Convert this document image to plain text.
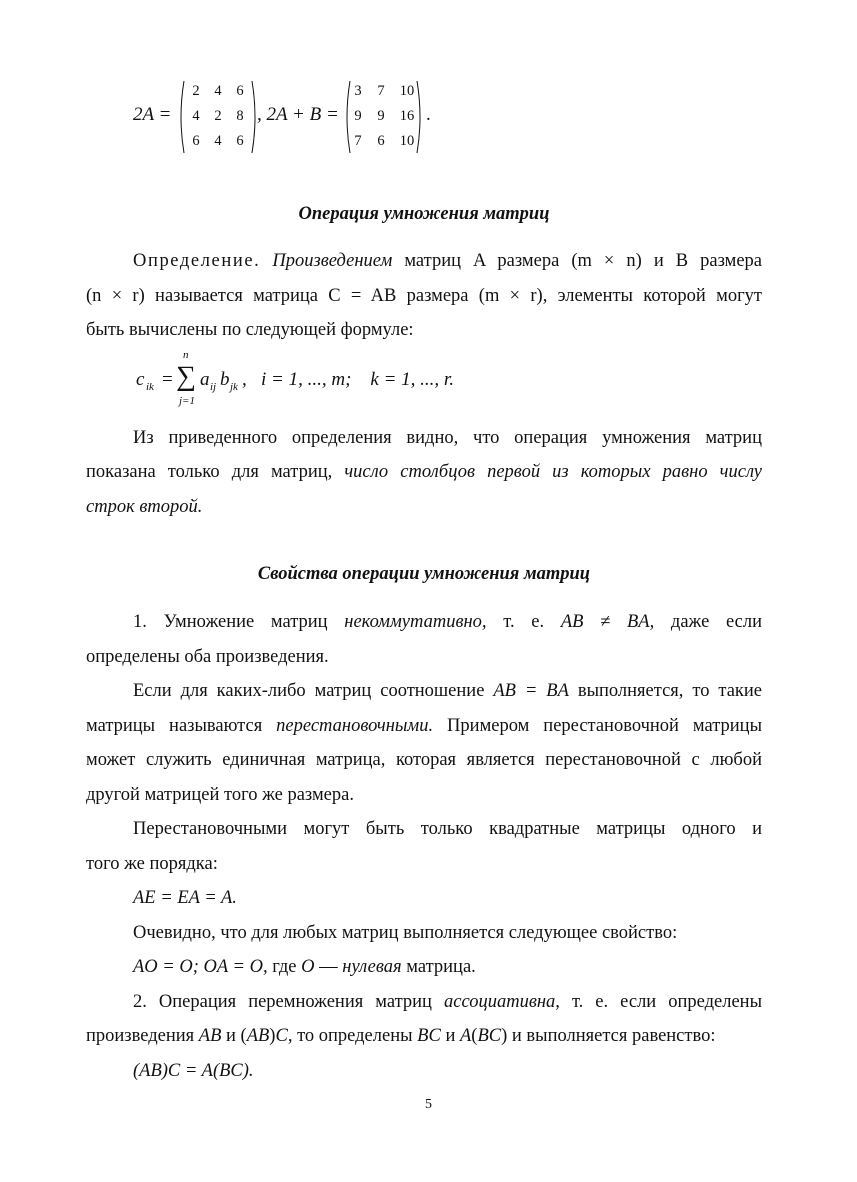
2A =
2	4	6
4	2	8
6	4	6
, 2A + B =
3	7	10
9	9	16
7	6	10
.
Операция умножения матриц
Определение. Произведением матриц A размера (m × n) и B размера
(n × r) называется матрица C = AB размера (m × r), элементы которой могут
быть вычислены по следующей формуле:
c ik =
n
∑
j=1
a ij b jk ,   i = 1, ..., m;    k = 1, ..., r.
Из приведенного определения видно, что операция умножения матриц
показана только для матриц, число столбцов первой из которых равно числу
строк второй.
Свойства операции умножения матриц
1. Умножение матриц некоммутативно, т. е. AB ≠ BA, даже если
определены оба произведения.
Если для каких-либо матриц соотношение AB = BA выполняется, то такие
матрицы называются перестановочными. Примером перестановочной матрицы
может служить единичная матрица, которая является перестановочной с любой
другой матрицей того же размера.
Перестановочными могут быть только квадратные матрицы одного и
того же порядка:
AE = EA = A.
Очевидно, что для любых матриц выполняется следующее свойство:
AO = O; OA = O, где O — нулевая матрица.
2. Операция перемножения матриц ассоциативна, т. е. если определены
произведения AB и (AB)C, то определены BC и A(BC) и выполняется равенство:
(AB)C = A(BC).
5
